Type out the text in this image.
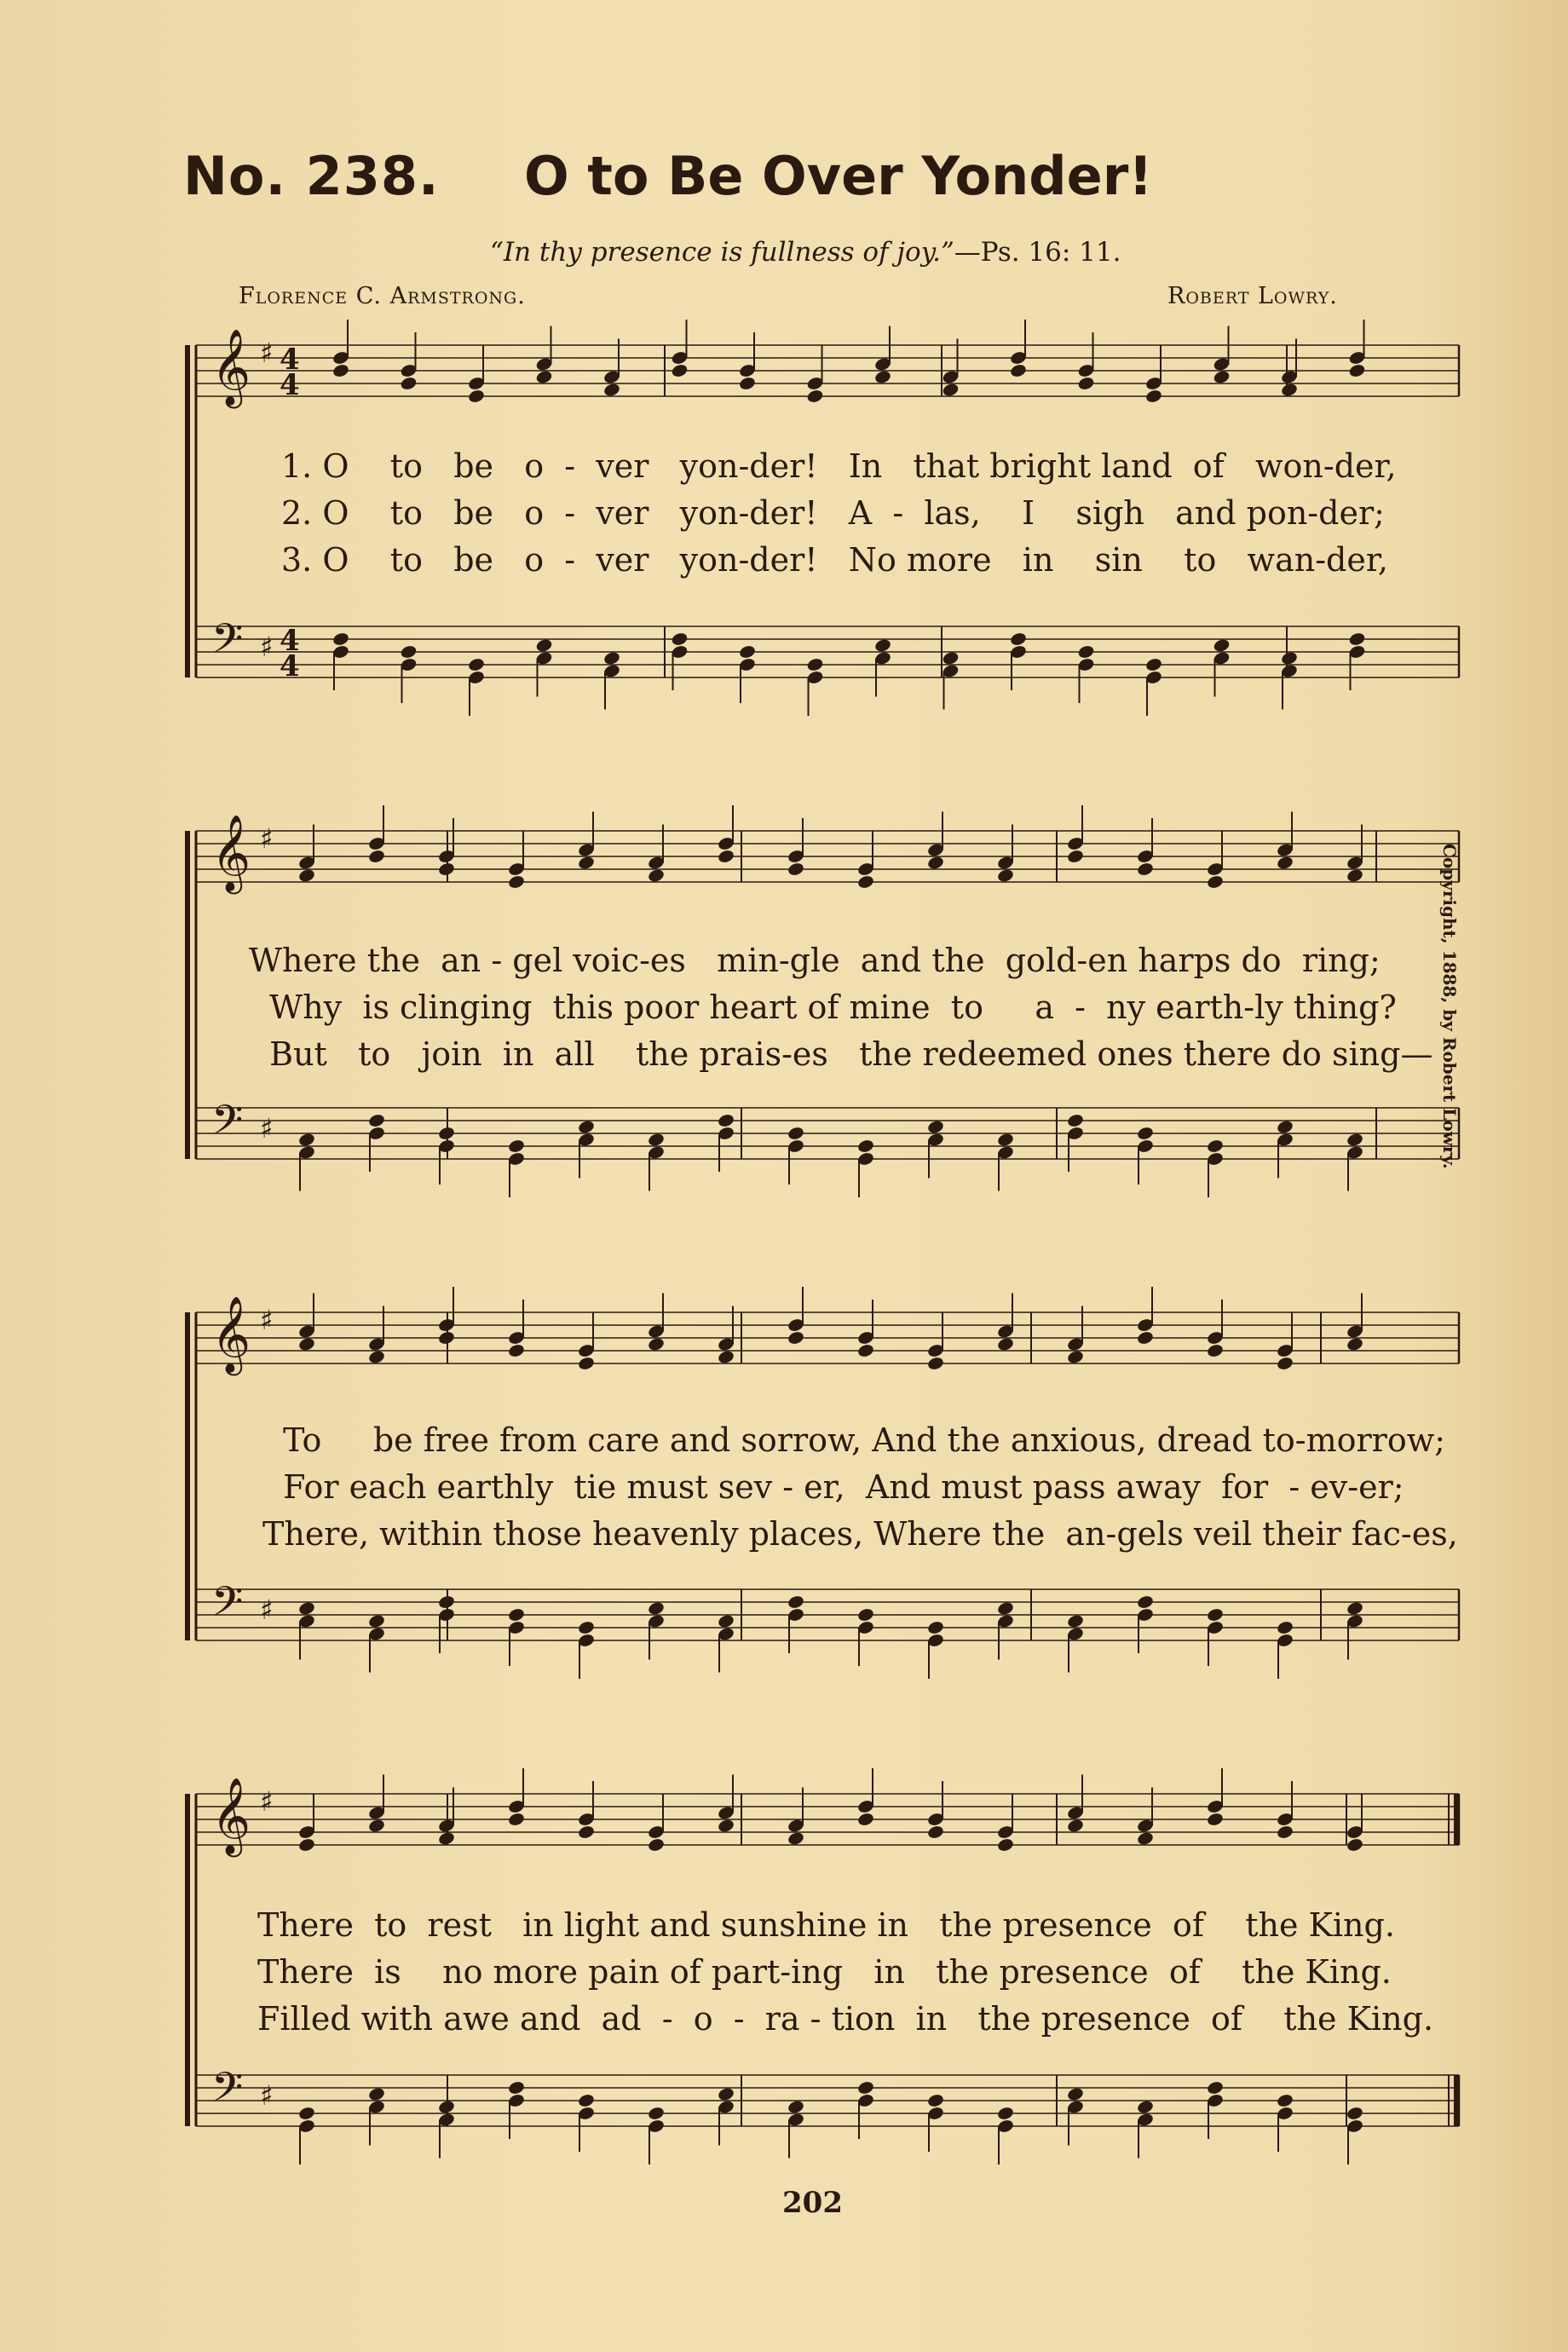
No. 238. O to Be Over Yonder!
“In thy presence is fullness of joy.”—Ps. 16: 11.
Florence C. Armstrong.	Robert Lowry.
𝄞 ♯ 4
4
𝄢 ♯ 4
4
𝄞 ♯
𝄢 ♯
𝄞 ♯
𝄢 ♯
𝄞 ♯
𝄢 ♯
1. O    to   be   o  -  ver   yon-der!   In   that bright land  of   won-der,
2. O    to   be   o  -  ver   yon-der!   A  -  las,    I    sigh   and pon-der;
3. O    to   be   o  -  ver   yon-der!   No more   in    sin    to   wan-der,
Where the  an - gel voic-es   min-gle  and the  gold-en harps do  ring;
Why  is clinging  this poor heart of mine  to     a  -  ny earth-ly thing?
But   to   join  in  all    the prais-es   the redeemed ones there do sing—
To     be free from care and sorrow, And the anxious, dread to-morrow;
For each earthly  tie must sev - er,  And must pass away  for  - ev-er;
There, within those heavenly places, Where the  an-gels veil their fac-es,
There  to  rest   in light and sunshine in   the presence  of    the King.
There  is    no more pain of part-ing   in   the presence  of    the King.
Filled with awe and  ad  -  o  -  ra - tion  in   the presence  of    the King.
Copyright, 1888, by Robert Lowry.
202
